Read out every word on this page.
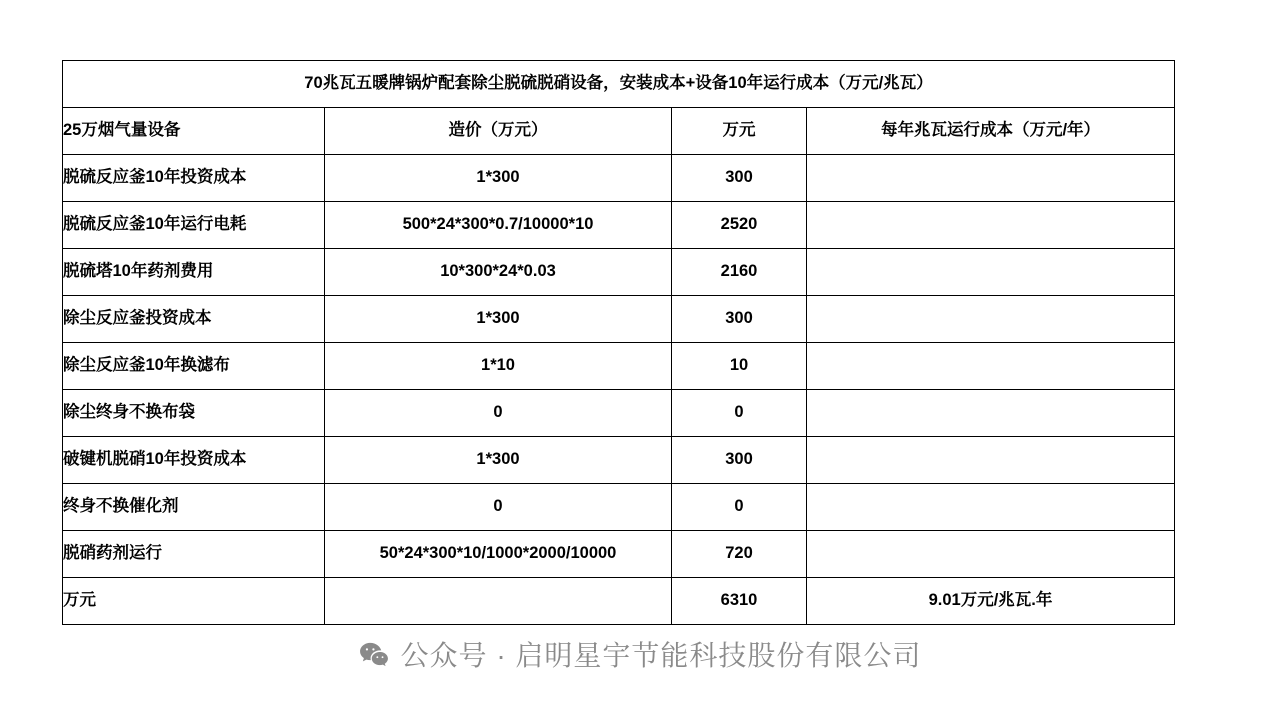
70兆瓦五暖牌锅炉配套除尘脱硫脱硝设备，安装成本+设备10年运行成本（万元/兆瓦）			
25万烟气量设备	造价（万元）	万元	每年兆瓦运行成本（万元/年）
脱硫反应釜10年投资成本	1*300	300	
脱硫反应釜10年运行电耗	500*24*300*0.7/10000*10	2520	
脱硫塔10年药剂费用	10*300*24*0.03	2160	
除尘反应釜投资成本	1*300	300	
除尘反应釜10年换滤布	1*10	10	
除尘终身不换布袋	0	0	
破键机脱硝10年投资成本	1*300	300	
终身不换催化剂	0	0	
脱硝药剂运行	50*24*300*10/1000*2000/10000	720	
万元		6310	9.01万元/兆瓦.年
公众号 · 启明星宇节能科技股份有限公司
